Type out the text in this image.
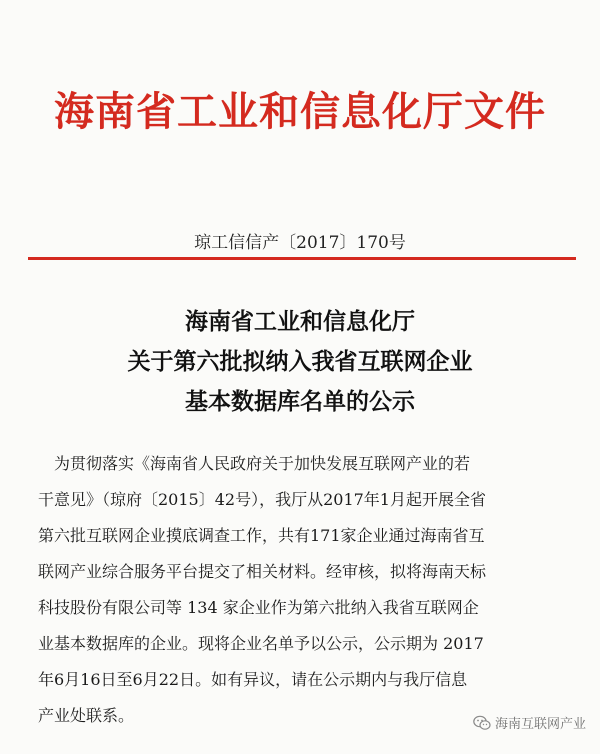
海南省工业和信息化厅文件
琼工信信产〔2017〕170号
海南省工业和信息化厅
关于第六批拟纳入我省互联网企业
基本数据库名单的公示
　为贯彻落实《海南省人民政府关于加快发展互联网产业的若
干意见》（琼府〔2015〕42号），我厅从2017年1月起开展全省
第六批互联网企业摸底调查工作，共有171家企业通过海南省互
联网产业综合服务平台提交了相关材料。经审核，拟将海南天标
科技股份有限公司等 134 家企业作为第六批纳入我省互联网企
业基本数据库的企业。现将企业名单予以公示，公示期为 2017
年6月16日至6月22日。如有异议，请在公示期内与我厅信息
产业处联系。	海南互联网产业
